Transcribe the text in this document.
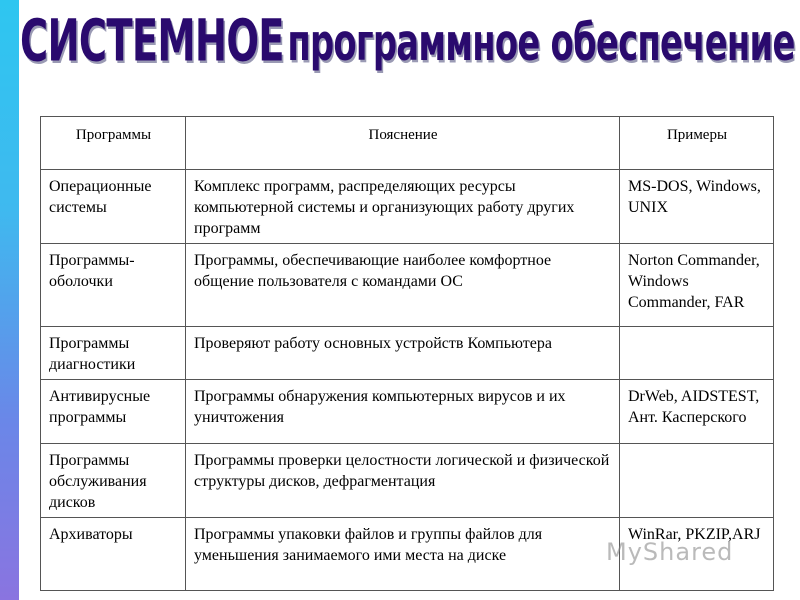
СИСТЕМНОЕ программное обеспечение
Программы	Пояснение	Примеры
Операционные системы	Комплекс программ, распределяющих ресурсы компьютерной системы и организующих работу других программ	MS-DOS, Windows, UNIX
Программы-оболочки	Программы, обеспечивающие наиболее комфортное общение пользователя с командами ОС	Norton Commander, Windows Commander, FAR
Программы диагностики	Проверяют работу основных устройств Компьютера	
Антивирусные программы	Программы обнаружения компьютерных вирусов и их уничтожения	DrWeb, AIDSTEST, Ант. Касперского
Программы обслуживания дисков	Программы проверки целостности логической и физической структуры дисков, дефрагментация	
Архиваторы	Программы упаковки файлов и группы файлов для уменьшения занимаемого ими места на диске	WinRar, PKZIP,ARJ
MyShared
